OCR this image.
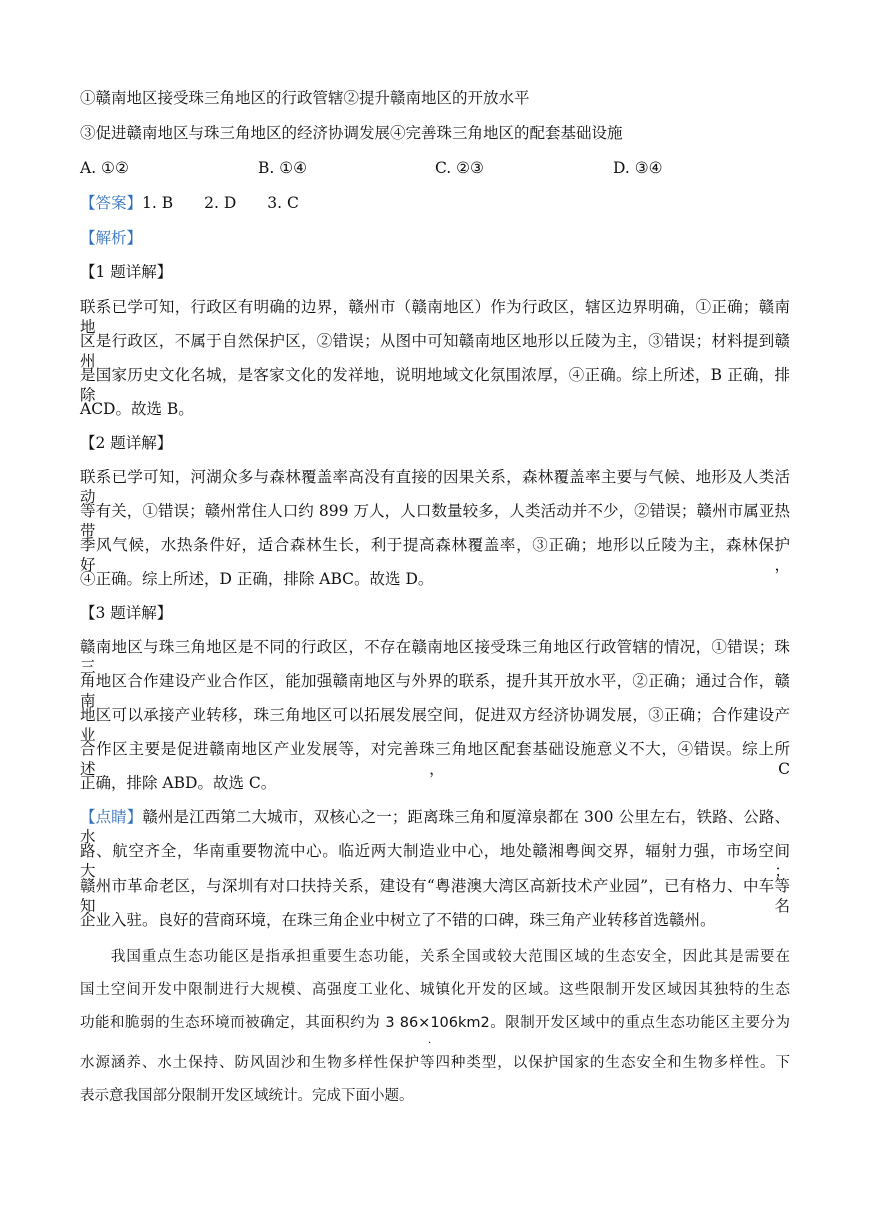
①赣南地区接受珠三角地区的行政管辖②提升赣南地区的开放水平
③促进赣南地区与珠三角地区的经济协调发展④完善珠三角地区的配套基础设施
A. ①②	B. ①④	C. ②③	D. ③④
【答案】1. B　　2. D　　3. C
【解析】
【1 题详解】
联系已学可知，行政区有明确的边界，赣州市（赣南地区）作为行政区，辖区边界明确，①正确；赣南地
区是行政区，不属于自然保护区，②错误；从图中可知赣南地区地形以丘陵为主，③错误；材料提到赣州
是国家历史文化名城，是客家文化的发祥地，说明地域文化氛围浓厚，④正确。综上所述，B 正确，排除
ACD。故选 B。
【2 题详解】
联系已学可知，河湖众多与森林覆盖率高没有直接的因果关系，森林覆盖率主要与气候、地形及人类活动
等有关，①错误；赣州常住人口约 899 万人，人口数量较多，人类活动并不少，②错误；赣州市属亚热带
季风气候，水热条件好，适合森林生长，利于提高森林覆盖率，③正确；地形以丘陵为主，森林保护好，
④正确。综上所述，D 正确，排除 ABC。故选 D。
【3 题详解】
赣南地区与珠三角地区是不同的行政区，不存在赣南地区接受珠三角地区行政管辖的情况，①错误；珠三
角地区合作建设产业合作区，能加强赣南地区与外界的联系，提升其开放水平，②正确；通过合作，赣南
地区可以承接产业转移，珠三角地区可以拓展发展空间，促进双方经济协调发展，③正确；合作建设产业
合作区主要是促进赣南地区产业发展等，对完善珠三角地区配套基础设施意义不大，④错误。综上所述，C
正确，排除 ABD。故选 C。
【点睛】赣州是江西第二大城市，双核心之一；距离珠三角和厦漳泉都在 300 公里左右，铁路、公路、水
路、航空齐全，华南重要物流中心。临近两大制造业中心，地处赣湘粤闽交界，辐射力强，市场空间大；
赣州市革命老区，与深圳有对口扶持关系，建设有“粤港澳大湾区高新技术产业园”，已有格力、中车等知名
企业入驻。良好的营商环境，在珠三角企业中树立了不错的口碑，珠三角产业转移首选赣州。
　　我国重点生态功能区是指承担重要生态功能，关系全国或较大范围区域的生态安全，因此其是需要在
国土空间开发中限制进行大规模、高强度工业化、城镇化开发的区域。这些限制开发区域因其独特的生态
功能和脆弱的生态环境而被确定，其面积约为 3 86×106km2。限制开发区域中的重点生态功能区主要分为
·
水源涵养、水土保持、防风固沙和生物多样性保护等四种类型，以保护国家的生态安全和生物多样性。下
表示意我国部分限制开发区域统计。完成下面小题。
